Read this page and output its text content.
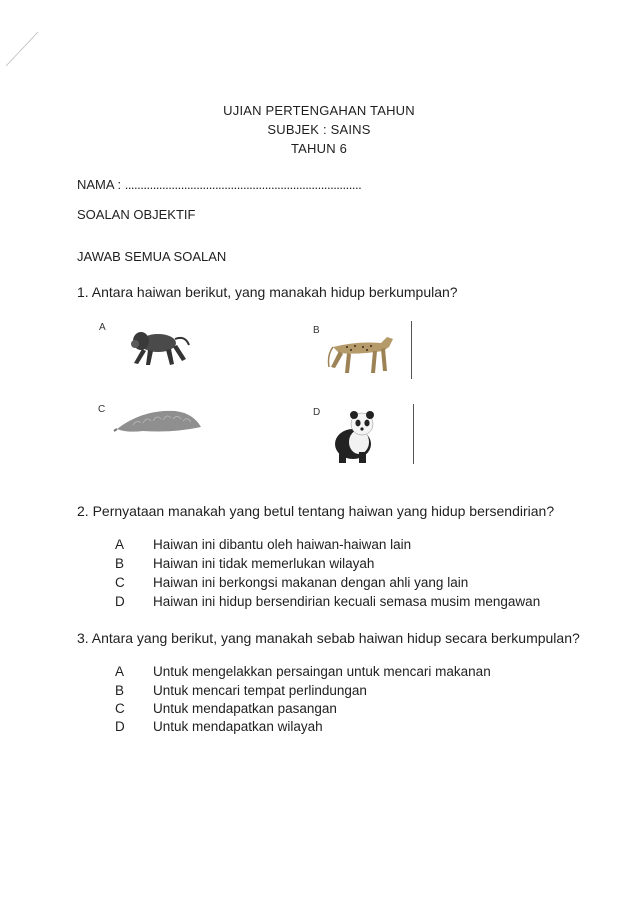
UJIAN PERTENGAHAN TAHUN
SUBJEK : SAINS
TAHUN 6
NAMA : ............................................................................
SOALAN OBJEKTIF
JAWAB SEMUA SOALAN
1. Antara haiwan berikut, yang manakah hidup berkumpulan?
A	B
C	D
2. Pernyataan manakah yang betul tentang haiwan yang hidup bersendirian?
A	Haiwan ini dibantu oleh haiwan-haiwan lain
B	Haiwan ini tidak memerlukan wilayah
C	Haiwan ini berkongsi makanan dengan ahli yang lain
D	Haiwan ini hidup bersendirian kecuali semasa musim mengawan
3. Antara yang berikut, yang manakah sebab haiwan hidup secara berkumpulan?
A	Untuk mengelakkan persaingan untuk mencari makanan
B	Untuk mencari tempat perlindungan
C	Untuk mendapatkan pasangan
D	Untuk mendapatkan wilayah
